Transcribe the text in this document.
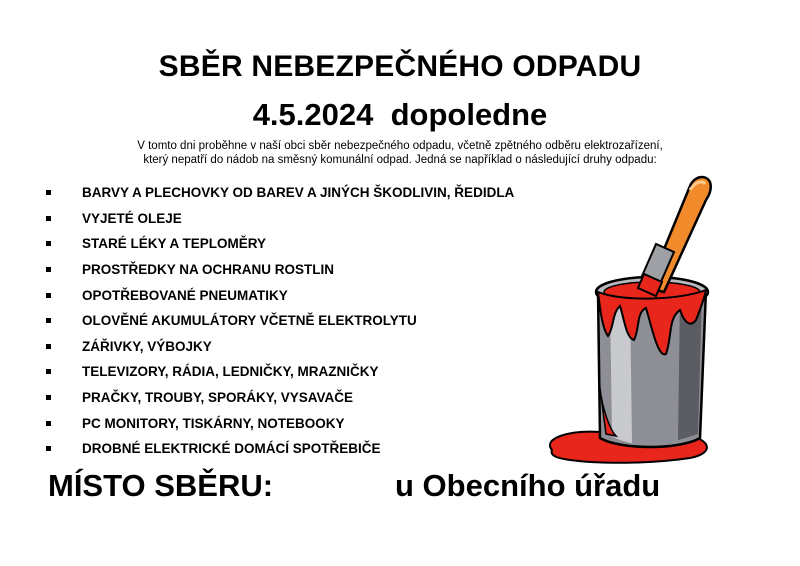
SBĚR NEBEZPEČNÉHO ODPADU
4.5.2024  dopoledne
V tomto dni proběhne v naší obci sběr nebezpečného odpadu, včetně zpětného odběru elektrozařízení,
který nepatří do nádob na směsný komunální odpad. Jedná se například o následující druhy odpadu:
BARVY A PLECHOVKY OD BAREV A JINÝCH ŠKODLIVIN, ŘEDIDLA
VYJETÉ OLEJE
STARÉ LÉKY A TEPLOMĚRY
PROSTŘEDKY NA OCHRANU ROSTLIN
OPOTŘEBOVANÉ PNEUMATIKY
OLOVĚNÉ AKUMULÁTORY VČETNĚ ELEKTROLYTU
ZÁŘIVKY, VÝBOJKY
TELEVIZORY, RÁDIA, LEDNIČKY, MRAZNIČKY
PRAČKY, TROUBY, SPORÁKY, VYSAVAČE
PC MONITORY, TISKÁRNY, NOTEBOOKY
DROBNÉ ELEKTRICKÉ DOMÁCÍ SPOTŘEBIČE
MÍSTO SBĚRU:	u Obecního úřadu
